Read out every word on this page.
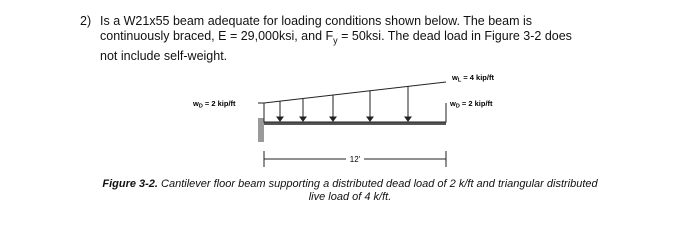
2) Is a W21x55 beam adequate for loading conditions shown below. The beam is
continuously braced, E = 29,000ksi, and $F_y = 50ksi$. The dead load in Figure 3-2 does
not include self-weight.
$w_L = 4$ kip/ft
$w_D = 2$ kip/ft	$w_D = 2$ kip/ft
12'
Figure 3-2. Cantilever floor beam supporting a distributed dead load of 2 k/ft and triangular distributed
live load of 4 k/ft.
